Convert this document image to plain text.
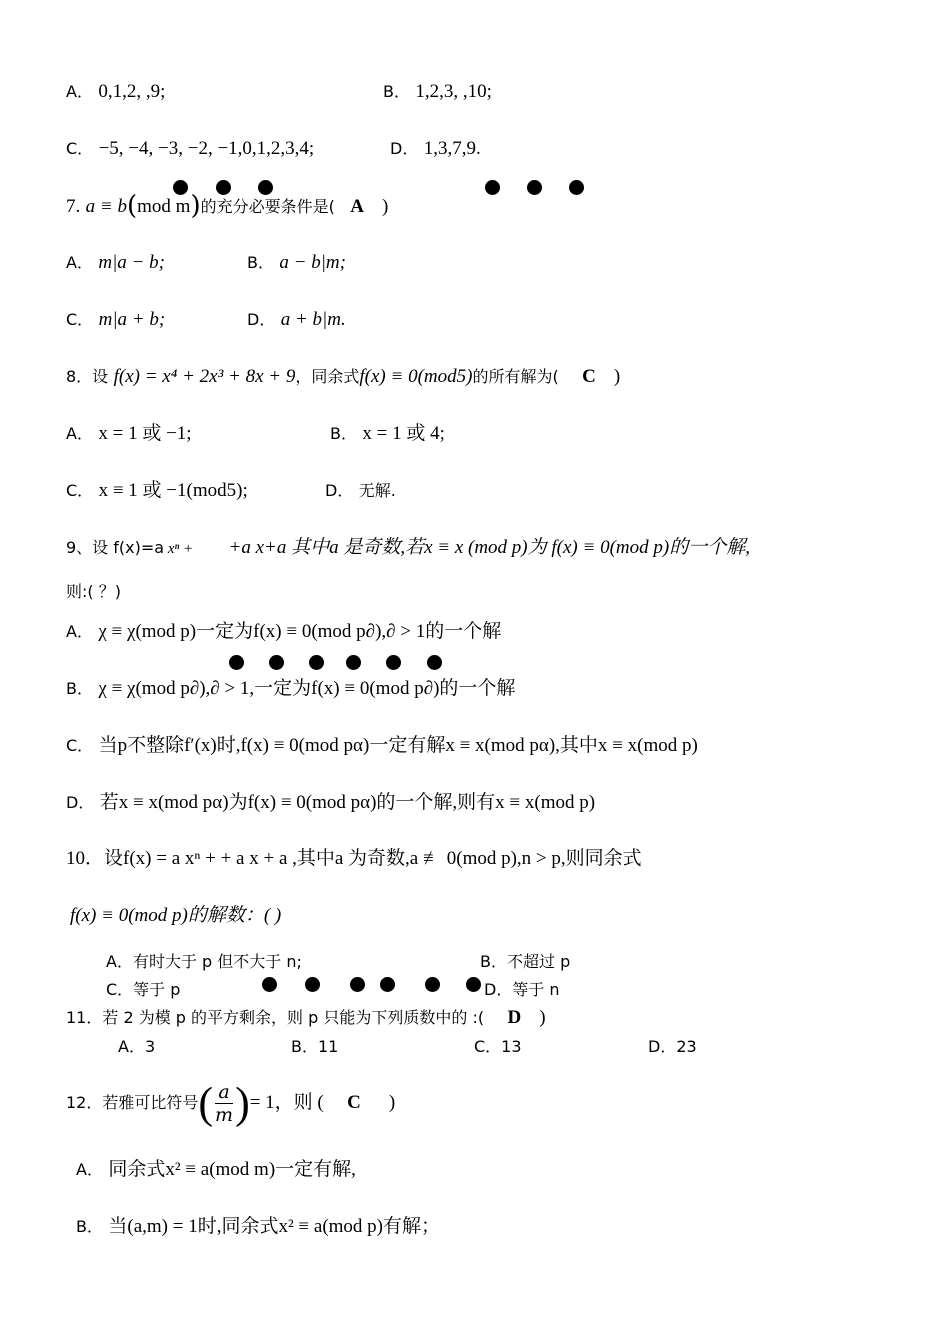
A． 0,1,2, ,9;	B． 1,2,3, ,10;
C． −5, −4, −3, −2, −1,0,1,2,3,4;	D． 1,3,7,9.
7. a ≡ b(mod m)的充分必要条件是( A )
A． m|a − b;	B． a − b|m;
C． m|a + b;	D． a + b|m.
8．设 f(x) = x⁴ + 2x³ + 8x + 9，同余式f(x) ≡ 0(mod5)的所有解为( C )
A． x = 1 或 −1;	B． x = 1 或 4;
C． x ≡ 1 或 −1(mod5);	D． 无解.
9、设 f(x)=a xⁿ + +a x+a 其中a 是奇数,若x ≡ x (mod p)为 f(x) ≡ 0(mod p)的一个解,
则:( ？)
A． χ ≡ χ(mod p)一定为f(x) ≡ 0(mod p∂),∂ > 1的一个解
B． χ ≡ χ(mod p∂),∂ > 1,一定为f(x) ≡ 0(mod p∂)的一个解
C． 当p不整除f′(x)时,f(x) ≡ 0(mod pα)一定有解x ≡ x(mod pα),其中x ≡ x(mod p)
D． 若x ≡ x(mod pα)为f(x) ≡ 0(mod pα)的一个解,则有x ≡ x(mod p)
10．设f(x) = a xⁿ + + a x + a ,其中a 为奇数,a ≢ 0(mod p),n > p,则同余式
f(x) ≡ 0(mod p)的解数：( )
A．有时大于 p 但不大于 n;	B．不超过 p
C．等于 p	D．等于 n
11．若 2 为模 p 的平方剩余，则 p 只能为下列质数中的 :( D )
A．3	B．11	C．13	D．23
12．若雅可比符号( $\frac{a}{m}$ )= 1，则 ( C )
A． 同余式x² ≡ a(mod m)一定有解,
B． 当(a,m) = 1时,同余式x² ≡ a(mod p)有解；
